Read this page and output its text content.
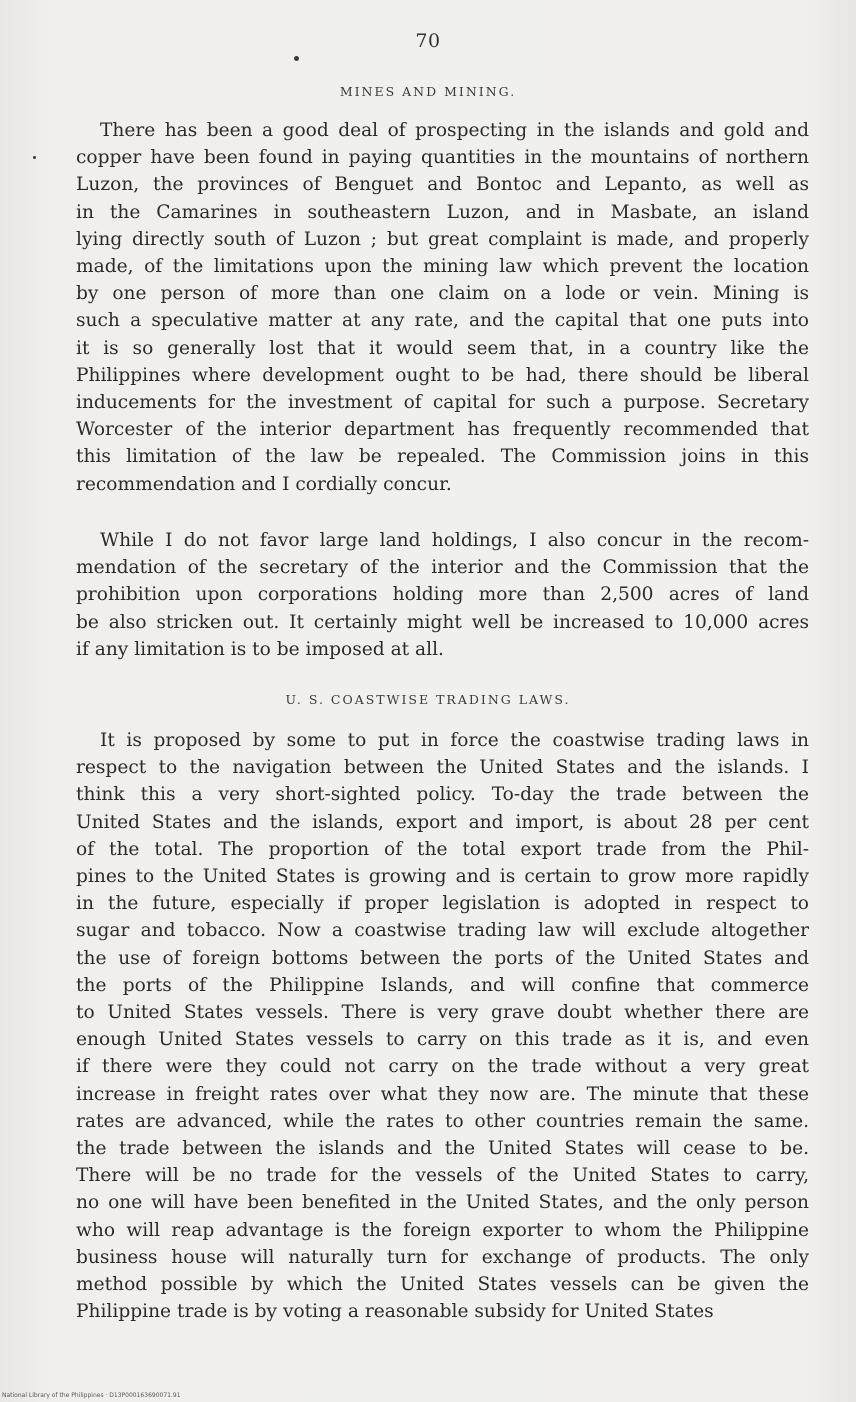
70
MINES AND MINING.
There has been a good deal of prospecting in the islands and gold and
copper have been found in paying quantities in the mountains of northern
Luzon, the provinces of Benguet and Bontoc and Lepanto, as well as
in the Camarines in southeastern Luzon, and in Masbate, an island
lying directly south of Luzon ; but great complaint is made, and properly
made, of the limitations upon the mining law which prevent the location
by one person of more than one claim on a lode or vein. Mining is
such a speculative matter at any rate, and the capital that one puts into
it is so generally lost that it would seem that, in a country like the
Philippines where development ought to be had, there should be liberal
inducements for the investment of capital for such a purpose. Secretary
Worcester of the interior department has frequently recommended that
this limitation of the law be repealed. The Commission joins in this
recommendation and I cordially concur.
While I do not favor large land holdings, I also concur in the recom-
mendation of the secretary of the interior and the Commission that the
prohibition upon corporations holding more than 2,500 acres of land
be also stricken out. It certainly might well be increased to 10,000 acres
if any limitation is to be imposed at all.
U. S. COASTWISE TRADING LAWS.
It is proposed by some to put in force the coastwise trading laws in
respect to the navigation between the United States and the islands. I
think this a very short-sighted policy. To-day the trade between the
United States and the islands, export and import, is about 28 per cent
of the total. The proportion of the total export trade from the Phil-
pines to the United States is growing and is certain to grow more rapidly
in the future, especially if proper legislation is adopted in respect to
sugar and tobacco. Now a coastwise trading law will exclude altogether
the use of foreign bottoms between the ports of the United States and
the ports of the Philippine Islands, and will confine that commerce
to United States vessels. There is very grave doubt whether there are
enough United States vessels to carry on this trade as it is, and even
if there were they could not carry on the trade without a very great
increase in freight rates over what they now are. The minute that these
rates are advanced, while the rates to other countries remain the same.
the trade between the islands and the United States will cease to be.
There will be no trade for the vessels of the United States to carry,
no one will have been benefited in the United States, and the only person
who will reap advantage is the foreign exporter to whom the Philippine
business house will naturally turn for exchange of products. The only
method possible by which the United States vessels can be given the
Philippine trade is by voting a reasonable subsidy for United States
National Library of the Philippines · D13P000163690071.91
